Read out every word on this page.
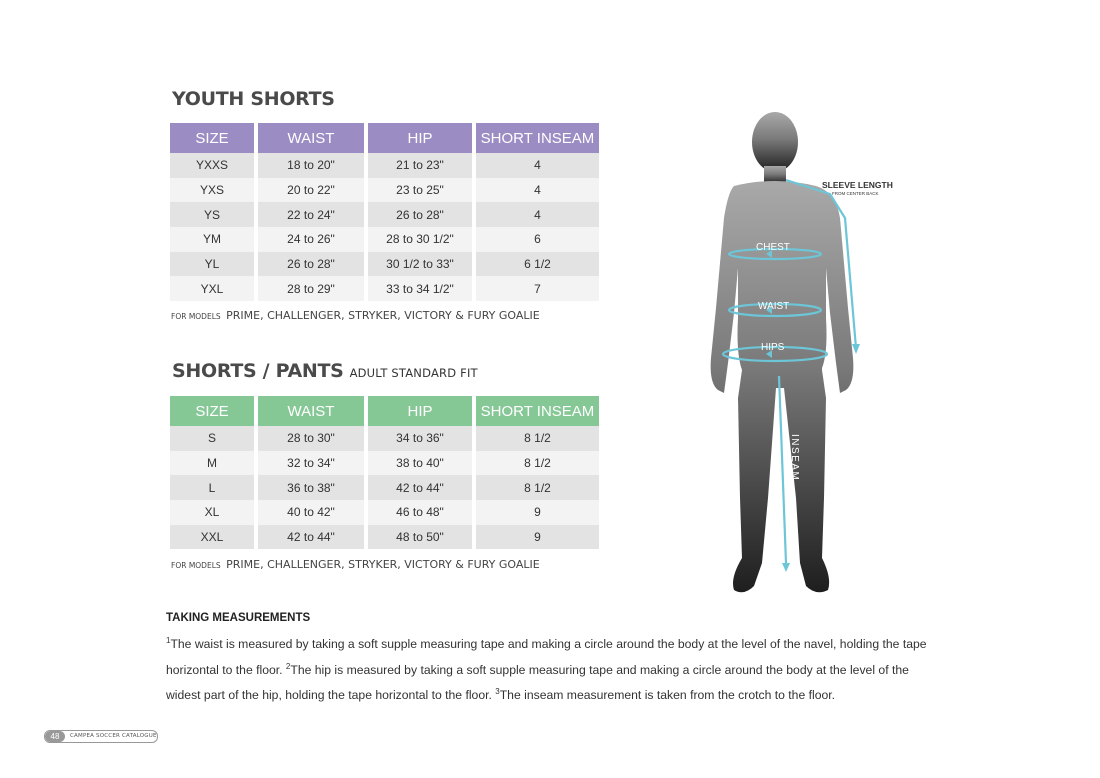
YOUTH SHORTS
SIZE	WAIST	HIP	SHORT INSEAM
YXXS	18 to 20"	21 to 23"	4
YXS	20 to 22"	23 to 25"	4
YS	22 to 24"	26 to 28"	4
YM	24 to 26"	28 to 30 1/2"	6
YL	26 to 28"	30 1/2 to 33"	6 1/2
YXL	28 to 29"	33 to 34 1/2"	7

FOR MODELS PRIME, CHALLENGER, STRYKER, VICTORY & FURY GOALIE

SHORTS / PANTS ADULT STANDARD FIT
SIZE	WAIST	HIP	SHORT INSEAM
S	28 to 30"	34 to 36"	8 1/2
M	32 to 34"	38 to 40"	8 1/2
L	36 to 38"	42 to 44"	8 1/2
XL	40 to 42"	46 to 48"	9
XXL	42 to 44"	48 to 50"	9

FOR MODELS PRIME, CHALLENGER, STRYKER, VICTORY & FURY GOALIE

SLEEVE LENGTH
FROM CENTER BACK
CHEST
WAIST
HIPS
INSEAM
TAKING MEASUREMENTS

$^1$The waist is measured by taking a soft supple measuring tape and making a circle around the body at the level of the navel, holding the tape horizontal to the floor. $^2$The hip is measured by taking a soft supple measuring tape and making a circle around the body at the level of the widest part of the hip, holding the tape horizontal to the floor. $^3$The inseam measurement is taken from the crotch to the floor.

48	CAMPEA SOCCER CATALOGUE
